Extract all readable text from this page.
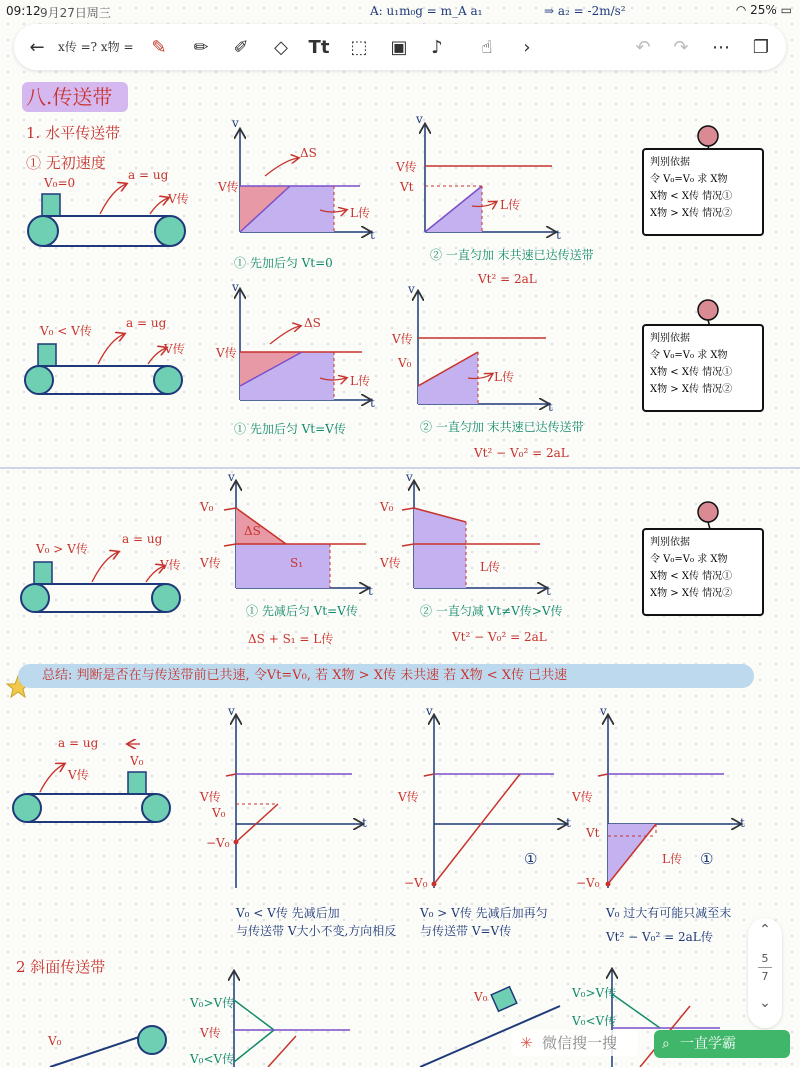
09:12 9月27日周三	A: u₁m₀g = m_A a₁	⇒ a₂ = -2m/s²	◠ 25% ▭
←	x传 =? x物 = ✎	✏	✐	◇	Tt	⬚	▣	♪	☝	›	↶	↷	⋯	❐
八.传送带
1. 水平传送带
① 无初速度
V₀=0
a = ug
V传
v
t
V传
ΔS
L传
① 先加后匀 Vt=0
v
t
V传
Vt
L传
② 一直匀加 末共速已达传送带
Vt² = 2aL
V₀ < V传
a = ug
V传
v
t
V传
ΔS
L传
① 先加后匀 Vt=V传
v
t
V传
V₀
L传
② 一直匀加 末共速已达传送带
Vt² − V₀² = 2aL
V₀ > V传
a = ug
V传
v
t
V₀
V传
ΔS
S₁
① 先减后匀 Vt=V传
ΔS + S₁ = L传
v
t
V₀
V传	L传
② 一直匀减 Vt≠V传>V传
Vt² − V₀² = 2aL
判别依据
令 V₀=V₀ 求 X物
X物 < X传 情况①
X物 > X传 情况②
判别依据
令 V₀=V₀ 求 X物
X物 < X传 情况①
X物 > X传 情况②
判别依据
令 V₀=V₀ 求 X物
X物 < X传 情况①
X物 > X传 情况②
总结: 判断是否在与传送带前已共速, 令Vt=V₀, 若 X物 > X传 未共速 若 X物 < X传 已共速
a = ug
V传
V₀
v
t
V传
V₀
−V₀
V₀ < V传 先减后加
与传送带 V大小不变,方向相反
v
t
V传
−V₀
①
V₀ > V传 先减后加再匀
与传送带 V=V传
v
t
V传
Vt
−V₀
L传 ①
V₀ 过大有可能只减至末
Vt² − V₀² = 2aL传
2 斜面传送带
V₀
V₀>V传
V传
V₀<V传
V₀	V₀>V传
V₀<V传
⌃
5
7
⌄
✳ 微信搜一搜	⌕ 一直学霸
